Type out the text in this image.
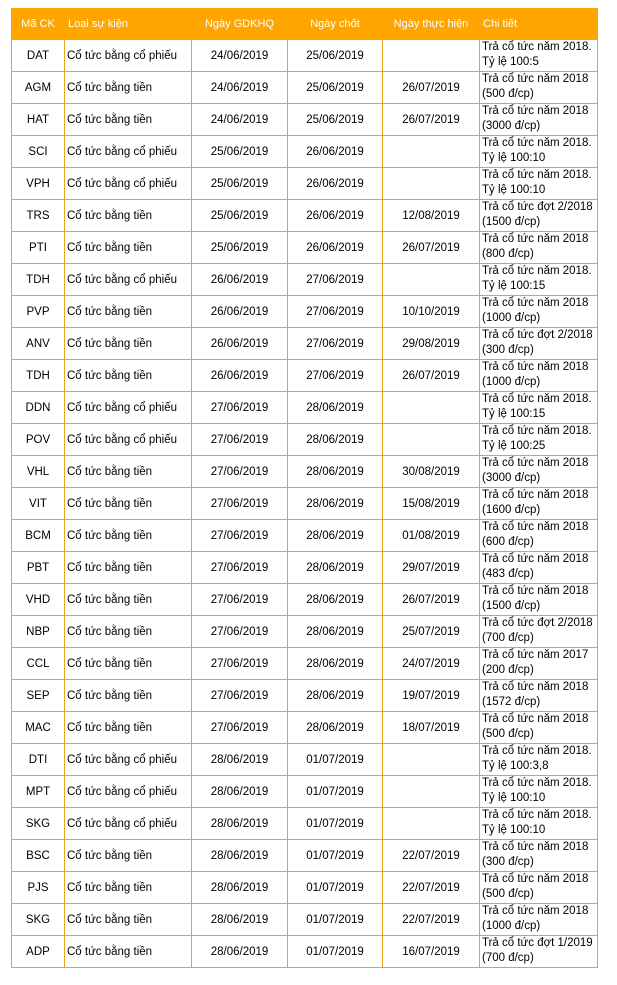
Mã CK	Loại sự kiện	Ngày GDKHQ	Ngày chốt	Ngày thực hiện	Chi tiết
DAT	Cổ tức bằng cổ phiếu	24/06/2019	25/06/2019		Trả cổ tức năm 2018.
Tỷ lệ 100:5

AGM	Cổ tức bằng tiền	24/06/2019	25/06/2019	26/07/2019	Trả cổ tức năm 2018
(500 đ/cp)

HAT	Cổ tức bằng tiền	24/06/2019	25/06/2019	26/07/2019	Trả cổ tức năm 2018
(3000 đ/cp)

SCI	Cổ tức bằng cổ phiếu	25/06/2019	26/06/2019		Trả cổ tức năm 2018.
Tỷ lệ 100:10

VPH	Cổ tức bằng cổ phiếu	25/06/2019	26/06/2019		Trả cổ tức năm 2018.
Tỷ lệ 100:10

TRS	Cổ tức bằng tiền	25/06/2019	26/06/2019	12/08/2019	Trả cổ tức đợt 2/2018
(1500 đ/cp)

PTI	Cổ tức bằng tiền	25/06/2019	26/06/2019	26/07/2019	Trả cổ tức năm 2018
(800 đ/cp)

TDH	Cổ tức bằng cổ phiếu	26/06/2019	27/06/2019		Trả cổ tức năm 2018.
Tỷ lệ 100:15

PVP	Cổ tức bằng tiền	26/06/2019	27/06/2019	10/10/2019	Trả cổ tức năm 2018
(1000 đ/cp)

ANV	Cổ tức bằng tiền	26/06/2019	27/06/2019	29/08/2019	Trả cổ tức đợt 2/2018
(300 đ/cp)

TDH	Cổ tức bằng tiền	26/06/2019	27/06/2019	26/07/2019	Trả cổ tức năm 2018
(1000 đ/cp)

DDN	Cổ tức bằng cổ phiếu	27/06/2019	28/06/2019		Trả cổ tức năm 2018.
Tỷ lệ 100:15

POV	Cổ tức bằng cổ phiếu	27/06/2019	28/06/2019		Trả cổ tức năm 2018.
Tỷ lệ 100:25

VHL	Cổ tức bằng tiền	27/06/2019	28/06/2019	30/08/2019	Trả cổ tức năm 2018
(3000 đ/cp)

VIT	Cổ tức bằng tiền	27/06/2019	28/06/2019	15/08/2019	Trả cổ tức năm 2018
(1600 đ/cp)

BCM	Cổ tức bằng tiền	27/06/2019	28/06/2019	01/08/2019	Trả cổ tức năm 2018
(600 đ/cp)

PBT	Cổ tức bằng tiền	27/06/2019	28/06/2019	29/07/2019	Trả cổ tức năm 2018
(483 đ/cp)

VHD	Cổ tức bằng tiền	27/06/2019	28/06/2019	26/07/2019	Trả cổ tức năm 2018
(1500 đ/cp)

NBP	Cổ tức bằng tiền	27/06/2019	28/06/2019	25/07/2019	Trả cổ tức đợt 2/2018
(700 đ/cp)

CCL	Cổ tức bằng tiền	27/06/2019	28/06/2019	24/07/2019	Trả cổ tức năm 2017
(200 đ/cp)

SEP	Cổ tức bằng tiền	27/06/2019	28/06/2019	19/07/2019	Trả cổ tức năm 2018
(1572 đ/cp)

MAC	Cổ tức bằng tiền	27/06/2019	28/06/2019	18/07/2019	Trả cổ tức năm 2018
(500 đ/cp)

DTI	Cổ tức bằng cổ phiếu	28/06/2019	01/07/2019		Trả cổ tức năm 2018.
Tỷ lệ 100:3,8

MPT	Cổ tức bằng cổ phiếu	28/06/2019	01/07/2019		Trả cổ tức năm 2018.
Tỷ lệ 100:10

SKG	Cổ tức bằng cổ phiếu	28/06/2019	01/07/2019		Trả cổ tức năm 2018.
Tỷ lệ 100:10

BSC	Cổ tức bằng tiền	28/06/2019	01/07/2019	22/07/2019	Trả cổ tức năm 2018
(300 đ/cp)

PJS	Cổ tức bằng tiền	28/06/2019	01/07/2019	22/07/2019	Trả cổ tức năm 2018
(500 đ/cp)

SKG	Cổ tức bằng tiền	28/06/2019	01/07/2019	22/07/2019	Trả cổ tức năm 2018
(1000 đ/cp)

ADP	Cổ tức bằng tiền	28/06/2019	01/07/2019	16/07/2019	Trả cổ tức đợt 1/2019
(700 đ/cp)
